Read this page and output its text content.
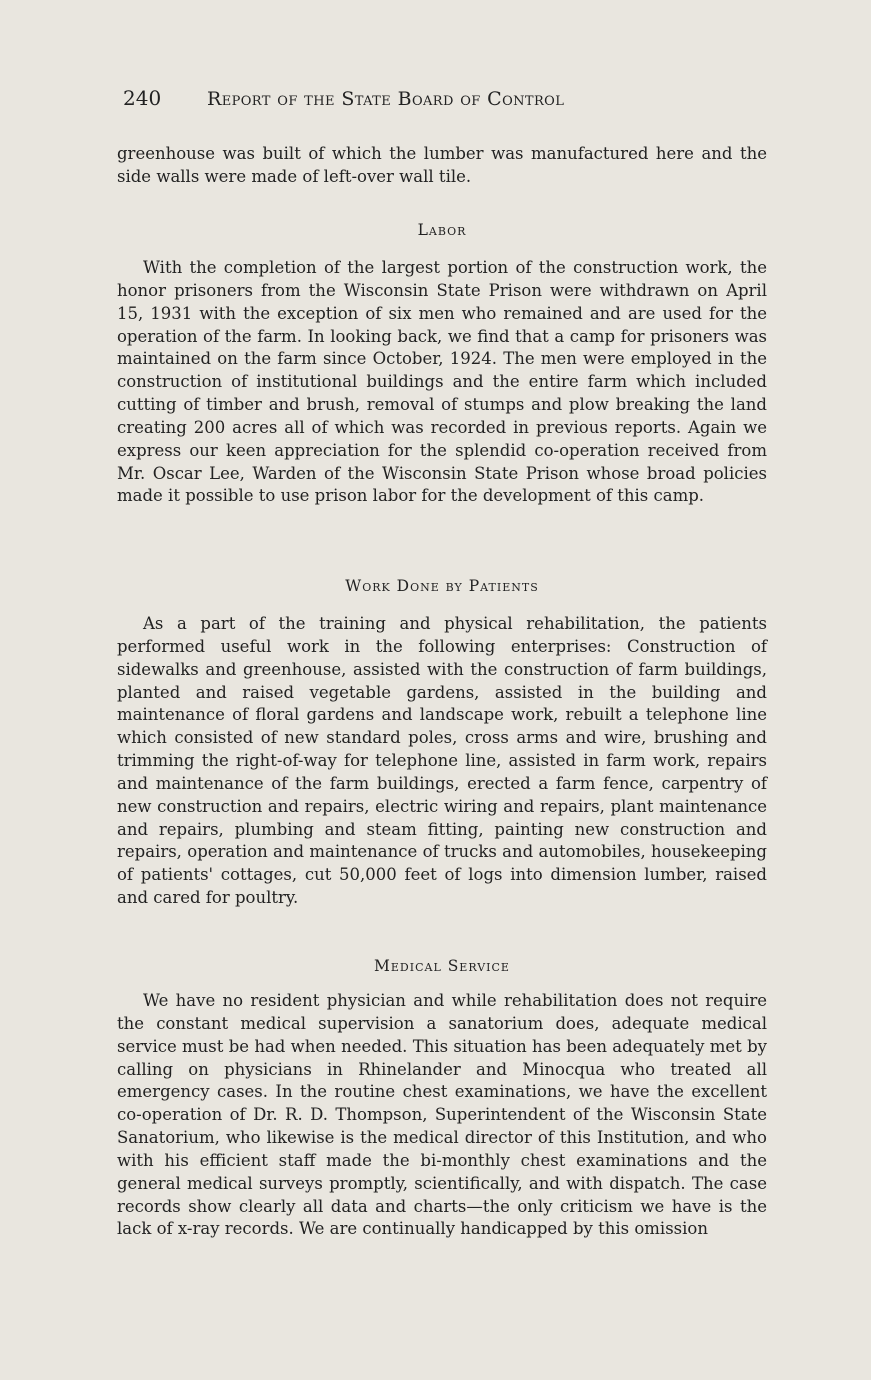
240	Report of the State Board of Control

greenhouse was built of which the lumber was manufactured here and the side walls were made of left-over wall tile.

Labor

With the completion of the largest portion of the construction work, the honor prisoners from the Wisconsin State Prison were withdrawn on April 15, 1931 with the exception of six men who remained and are used for the operation of the farm. In looking back, we find that a camp for prisoners was maintained on the farm since October, 1924. The men were employed in the construction of institutional buildings and the entire farm which included cutting of timber and brush, removal of stumps and plow breaking the land creating 200 acres all of which was recorded in previous reports. Again we express our keen appreciation for the splendid co-operation received from Mr. Oscar Lee, Warden of the Wisconsin State Prison whose broad policies made it possible to use prison labor for the development of this camp.

Work Done by Patients

As a part of the training and physical rehabilitation, the patients performed useful work in the following enterprises: Construction of sidewalks and greenhouse, assisted with the construction of farm buildings, planted and raised vegetable gardens, assisted in the building and maintenance of floral gardens and landscape work, rebuilt a telephone line which consisted of new standard poles, cross arms and wire, brushing and trimming the right-of-way for telephone line, assisted in farm work, repairs and maintenance of the farm buildings, erected a farm fence, carpentry of new construction and repairs, electric wiring and repairs, plant maintenance and repairs, plumbing and steam fitting, painting new construction and repairs, operation and maintenance of trucks and automobiles, housekeeping of patients' cottages, cut 50,000 feet of logs into dimension lumber, raised and cared for poultry.

Medical Service

We have no resident physician and while rehabilitation does not require the constant medical supervision a sanatorium does, adequate medical service must be had when needed. This situation has been adequately met by calling on physicians in Rhinelander and Minocqua who treated all emergency cases. In the routine chest examinations, we have the excellent co-operation of Dr. R. D. Thompson, Superintendent of the Wisconsin State Sanatorium, who likewise is the medical director of this Institution, and who with his efficient staff made the bi-monthly chest examinations and the general medical surveys promptly, scientifically, and with dispatch. The case records show clearly all data and charts—the only criticism we have is the lack of x-ray records. We are continually handicapped by this omission
